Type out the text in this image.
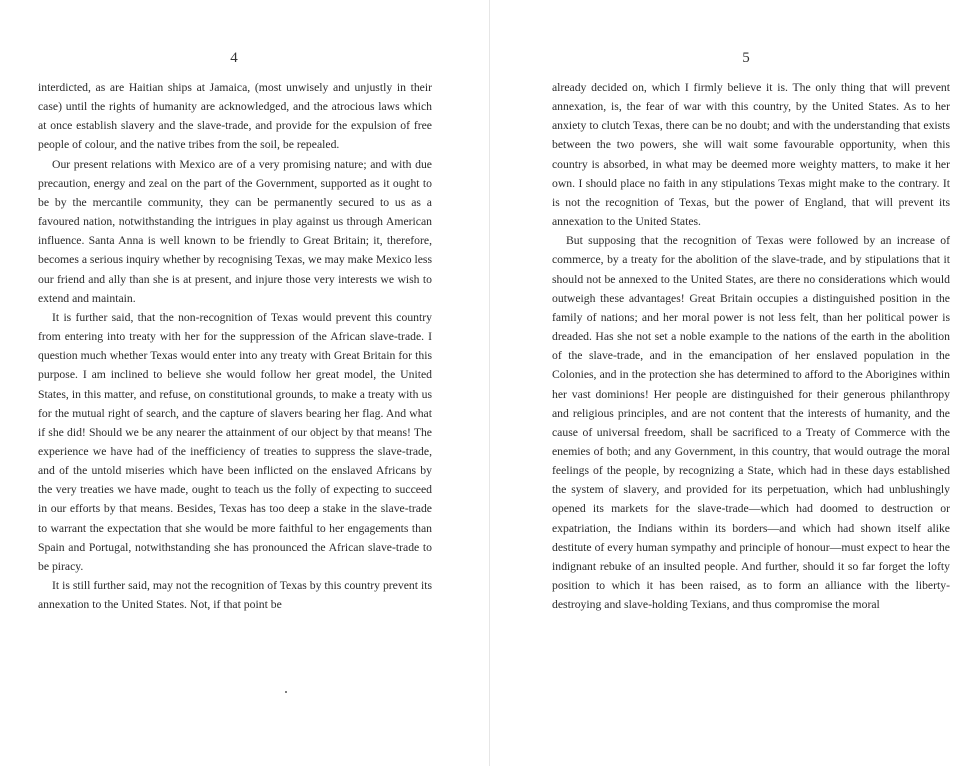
4

interdicted, as are Haitian ships at Jamaica, (most unwisely and unjustly in their case) until the rights of humanity are acknowledged, and the atrocious laws which at once establish slavery and the slave-trade, and provide for the expulsion of free people of colour, and the native tribes from the soil, be repealed.

Our present relations with Mexico are of a very promising nature; and with due precaution, energy and zeal on the part of the Government, supported as it ought to be by the mercantile community, they can be permanently secured to us as a favoured nation, notwithstanding the intrigues in play against us through American influence. Santa Anna is well known to be friendly to Great Britain; it, therefore, becomes a serious inquiry whether by recognising Texas, we may make Mexico less our friend and ally than she is at present, and injure those very interests we wish to extend and maintain.

It is further said, that the non-recognition of Texas would prevent this country from entering into treaty with her for the suppression of the African slave-trade. I question much whether Texas would enter into any treaty with Great Britain for this purpose. I am inclined to believe she would follow her great model, the United States, in this matter, and refuse, on constitutional grounds, to make a treaty with us for the mutual right of search, and the capture of slavers bearing her flag. And what if she did! Should we be any nearer the attainment of our object by that means! The experience we have had of the inefficiency of treaties to suppress the slave-trade, and of the untold miseries which have been inflicted on the enslaved Africans by the very treaties we have made, ought to teach us the folly of expecting to succeed in our efforts by that means. Besides, Texas has too deep a stake in the slave-trade to warrant the expectation that she would be more faithful to her engagements than Spain and Portugal, notwithstanding she has pronounced the African slave-trade to be piracy.

It is still further said, may not the recognition of Texas by this country prevent its annexation to the United States. Not, if that point be

5

already decided on, which I firmly believe it is. The only thing that will prevent annexation, is, the fear of war with this country, by the United States. As to her anxiety to clutch Texas, there can be no doubt; and with the understanding that exists between the two powers, she will wait some favourable opportunity, when this country is absorbed, in what may be deemed more weighty matters, to make it her own. I should place no faith in any stipulations Texas might make to the contrary. It is not the recognition of Texas, but the power of England, that will prevent its annexation to the United States.

But supposing that the recognition of Texas were followed by an increase of commerce, by a treaty for the abolition of the slave-trade, and by stipulations that it should not be annexed to the United States, are there no considerations which would outweigh these advantages! Great Britain occupies a distinguished position in the family of nations; and her moral power is not less felt, than her political power is dreaded. Has she not set a noble example to the nations of the earth in the abolition of the slave-trade, and in the emancipation of her enslaved population in the Colonies, and in the protection she has determined to afford to the Aborigines within her vast dominions! Her people are distinguished for their generous philanthropy and religious principles, and are not content that the interests of humanity, and the cause of universal freedom, shall be sacrificed to a Treaty of Commerce with the enemies of both; and any Government, in this country, that would outrage the moral feelings of the people, by recognizing a State, which had in these days established the system of slavery, and provided for its perpetuation, which had unblushingly opened its markets for the slave-trade—which had doomed to destruction or expatriation, the Indians within its borders—and which had shown itself alike destitute of every human sympathy and principle of honour—must expect to hear the indignant rebuke of an insulted people. And further, should it so far forget the lofty position to which it has been raised, as to form an alliance with the liberty-destroying and slave-holding Texians, and thus compromise the moral
